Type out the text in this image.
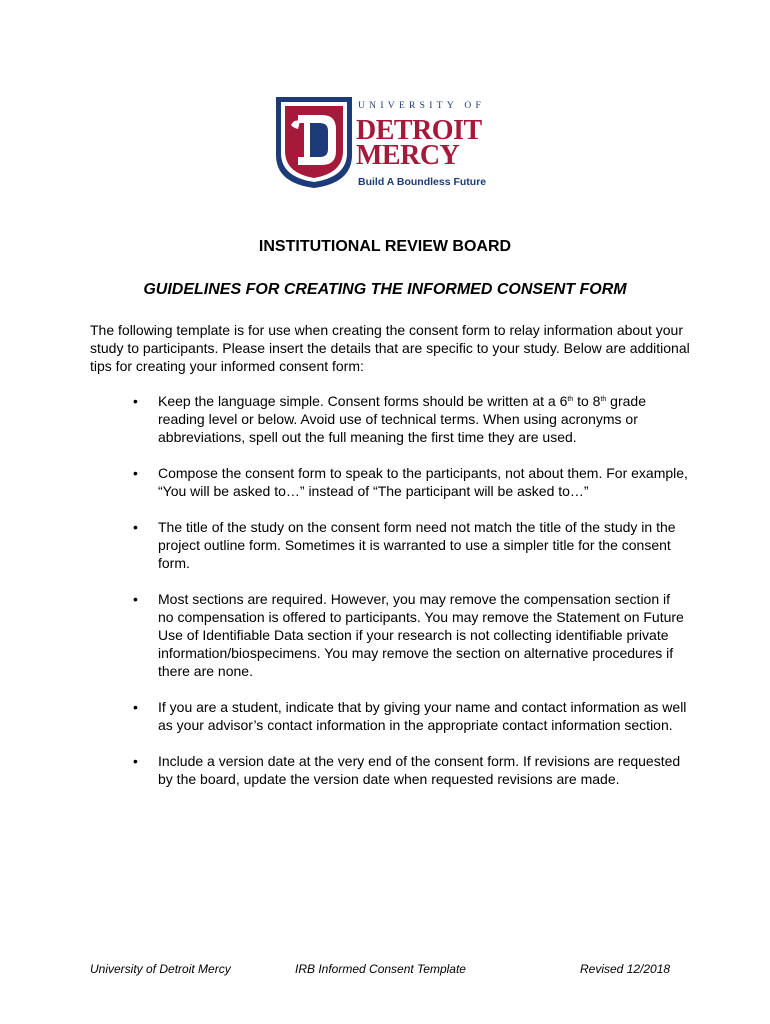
UNIVERSITY OF
DETROIT
MERCY
Build A Boundless Future
INSTITUTIONAL REVIEW BOARD
GUIDELINES FOR CREATING THE INFORMED CONSENT FORM
The following template is for use when creating the consent form to relay information about your study to participants. Please insert the details that are specific to your study. Below are additional tips for creating your informed consent form:
• Keep the language simple. Consent forms should be written at a 6th to 8th grade reading level or below. Avoid use of technical terms. When using acronyms or abbreviations, spell out the full meaning the first time they are used.
• Compose the consent form to speak to the participants, not about them. For example, “You will be asked to…” instead of “The participant will be asked to…”
• The title of the study on the consent form need not match the title of the study in the project outline form. Sometimes it is warranted to use a simpler title for the consent form.
• Most sections are required. However, you may remove the compensation section if no compensation is offered to participants. You may remove the Statement on Future Use of Identifiable Data section if your research is not collecting identifiable private information/biospecimens. You may remove the section on alternative procedures if there are none.
• If you are a student, indicate that by giving your name and contact information as well as your advisor’s contact information in the appropriate contact information section.
• Include a version date at the very end of the consent form. If revisions are requested by the board, update the version date when requested revisions are made.
University of Detroit Mercy	IRB Informed Consent Template	Revised 12/2018
